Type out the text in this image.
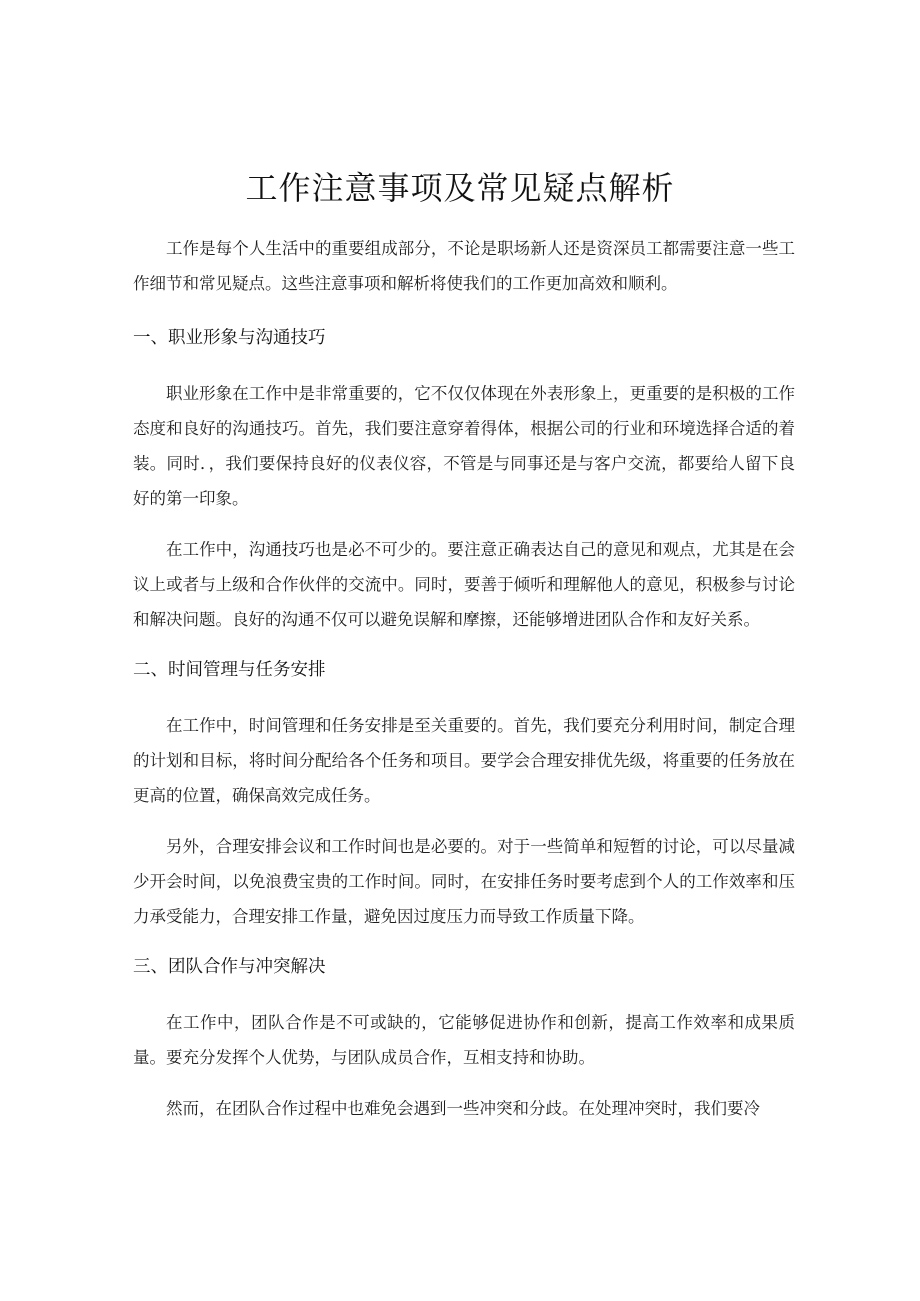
工作注意事项及常见疑点解析

工作是每个人生活中的重要组成部分，不论是职场新人还是资深员工都需要注意一些工作细节和常见疑点。这些注意事项和解析将使我们的工作更加高效和顺利。

一、职业形象与沟通技巧

职业形象在工作中是非常重要的，它不仅仅体现在外表形象上，更重要的是积极的工作态度和良好的沟通技巧。首先，我们要注意穿着得体，根据公司的行业和环境选择合适的着装。同时．，我们要保持良好的仪表仪容，不管是与同事还是与客户交流，都要给人留下良好的第一印象。

在工作中，沟通技巧也是必不可少的。要注意正确表达自己的意见和观点，尤其是在会议上或者与上级和合作伙伴的交流中。同时，要善于倾听和理解他人的意见，积极参与讨论和解决问题。良好的沟通不仅可以避免误解和摩擦，还能够增进团队合作和友好关系。

二、时间管理与任务安排

在工作中，时间管理和任务安排是至关重要的。首先，我们要充分利用时间，制定合理的计划和目标，将时间分配给各个任务和项目。要学会合理安排优先级，将重要的任务放在更高的位置，确保高效完成任务。

另外，合理安排会议和工作时间也是必要的。对于一些简单和短暂的讨论，可以尽量减少开会时间，以免浪费宝贵的工作时间。同时，在安排任务时要考虑到个人的工作效率和压力承受能力，合理安排工作量，避免因过度压力而导致工作质量下降。

三、团队合作与冲突解决

在工作中，团队合作是不可或缺的，它能够促进协作和创新，提高工作效率和成果质量。要充分发挥个人优势，与团队成员合作，互相支持和协助。

然而，在团队合作过程中也难免会遇到一些冲突和分歧。在处理冲突时，我们要冷
